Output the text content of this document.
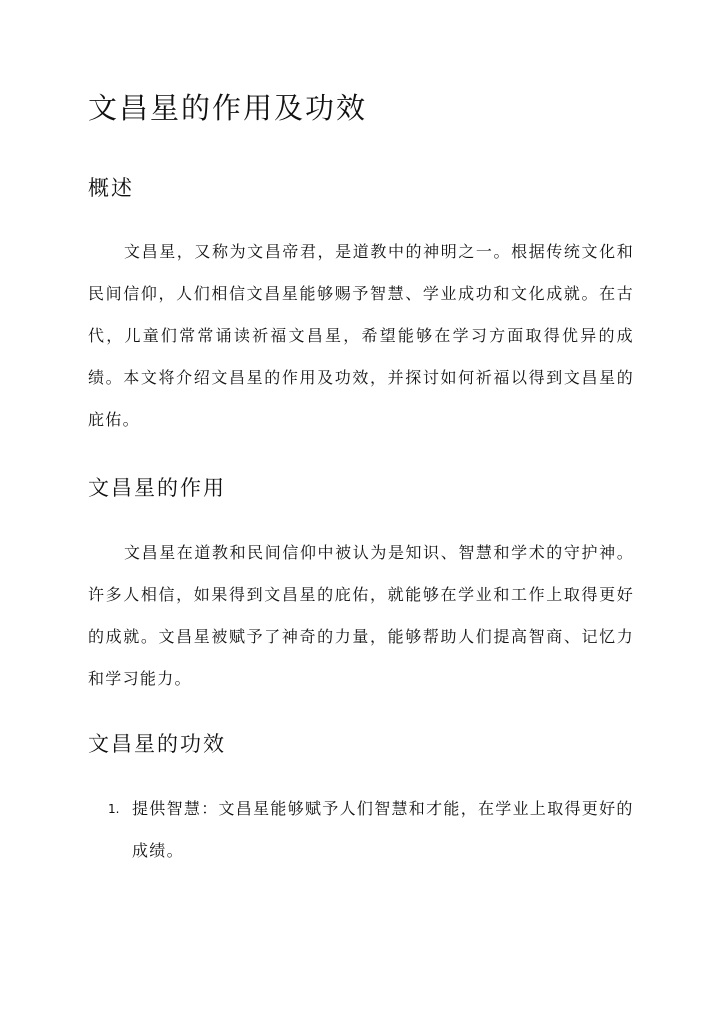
文昌星的作用及功效
概述

文昌星，又称为文昌帝君，是道教中的神明之一。根据传统文化和民间信仰，人们相信文昌星能够赐予智慧、学业成功和文化成就。在古代，儿童们常常诵读祈福文昌星，希望能够在学习方面取得优异的成绩。本文将介绍文昌星的作用及功效，并探讨如何祈福以得到文昌星的庇佑。

文昌星的作用

文昌星在道教和民间信仰中被认为是知识、智慧和学术的守护神。许多人相信，如果得到文昌星的庇佑，就能够在学业和工作上取得更好的成就。文昌星被赋予了神奇的力量，能够帮助人们提高智商、记忆力和学习能力。

文昌星的功效
1. 提供智慧：文昌星能够赋予人们智慧和才能，在学业上取得更好的成绩。
